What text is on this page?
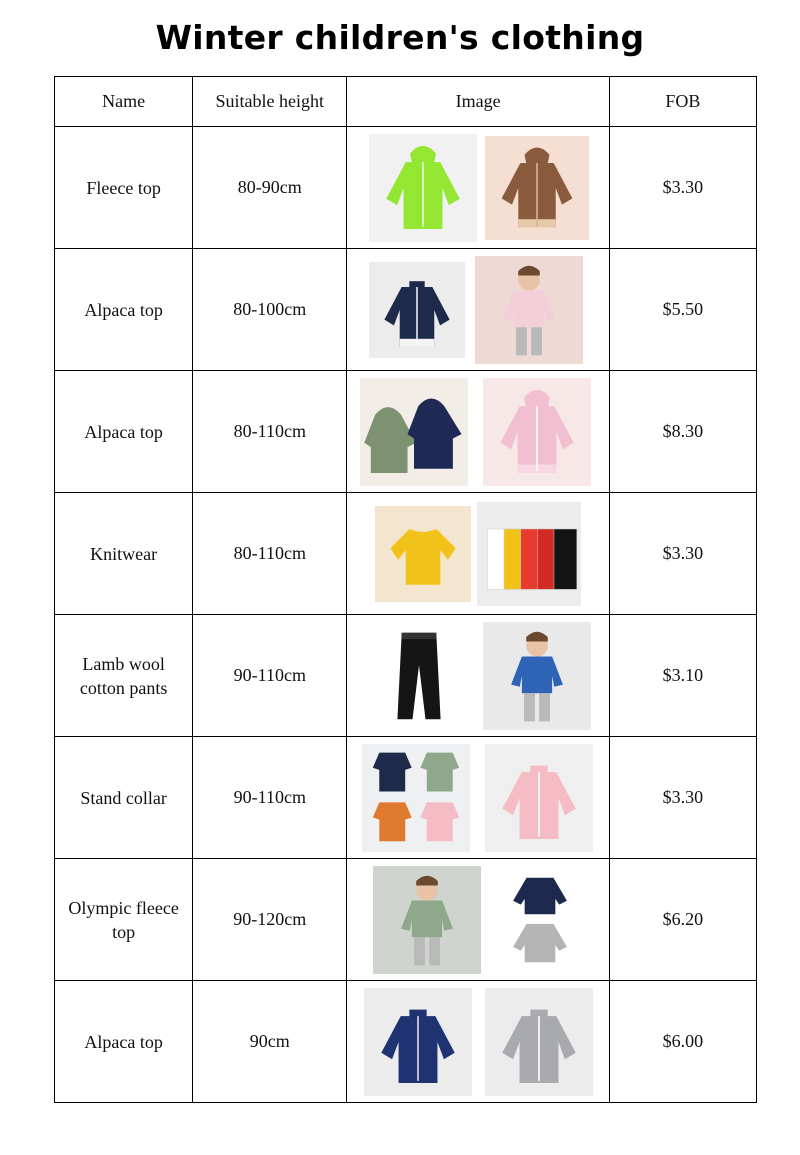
Winter children's clothing
Name	Suitable height	Image	FOB
Fleece top	80-90cm		$3.30
Alpaca top	80-100cm		$5.50
Alpaca top	80-110cm		$8.30
Knitwear	80-110cm		$3.30
Lamb wool cotton pants	90-110cm		$3.10
Stand collar	90-110cm		$3.30
Olympic fleece top	90-120cm		$6.20
Alpaca top	90cm		$6.00
